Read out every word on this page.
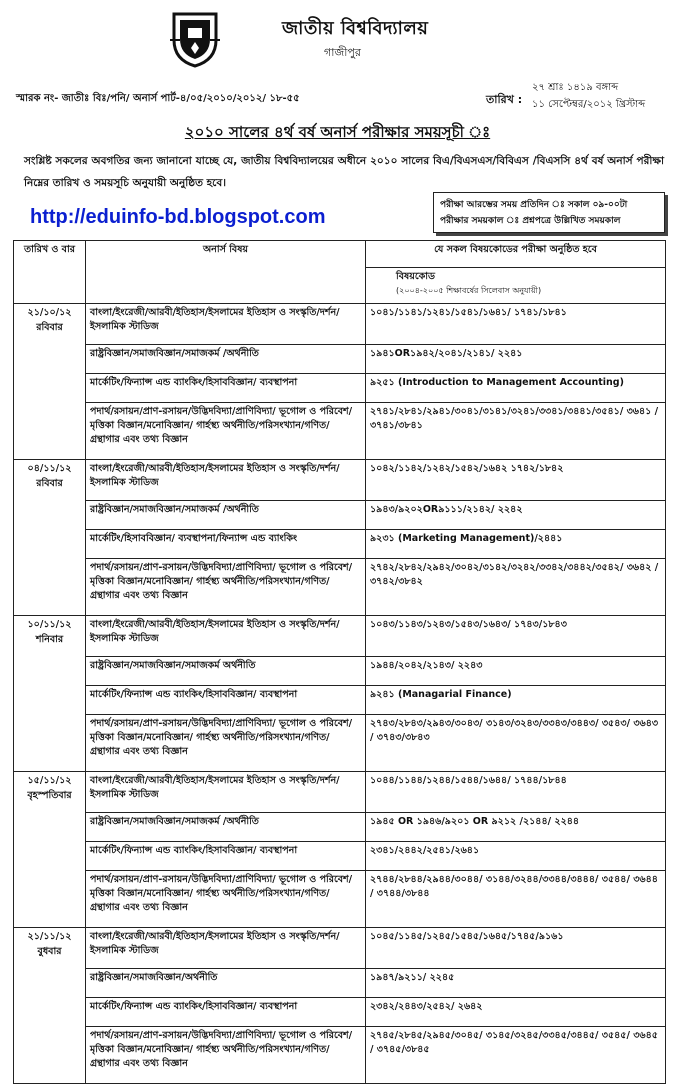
জাতীয় বিশ্ববিদ্যালয়
গাজীপুর
স্মারক নং- জাতীঃ বিঃ/পনি/ অনার্স পার্ট-৪/০৫/২০১০/২০১২/ ১৮-৫৫	তারিখ :
২৭ শ্রাঃ ১৪১৯ বঙ্গাব্দ
১১ সেপ্টেম্বর/২০১২ খ্রিস্টাব্দ
২০১০ সালের ৪র্থ বর্ষ অনার্স পরীক্ষার সময়সূচী ঃ
সংশ্লিষ্ট সকলের অবগতির জন্য জানানো যাচ্ছে যে, জাতীয় বিশ্ববিদ্যালয়ের অধীনে ২০১০ সালের বিএ/বিএসএস/বিবিএস /বিএসসি ৪র্থ বর্ষ অনার্স পরীক্ষা নিম্নের তারিখ ও সময়সূচি অনুযায়ী অনুষ্ঠিত হবে।
http://eduinfo-bd.blogspot.com
পরীক্ষা আরম্ভের সময় প্রতিদিন ঃ সকাল ০৯-০০টা
পরীক্ষার সময়কাল ঃ প্রশ্নপত্রে উল্লিখিত সময়কাল
তারিখ ও বার	অনার্স বিষয়	যে সকল বিষয়কোডের পরীক্ষা অনুষ্ঠিত হবে
		বিষয়কোড
(২০০৪-২০০৫ শিক্ষাবর্ষের সিলেবাস অনুযায়ী)

২১/১০/১২
রবিবার	বাংলা/ইংরেজী/আরবী/ইতিহাস/ইসলামের ইতিহাস ও সংস্কৃতি/দর্শন/ইসলামিক স্টাডিজ	১০৪১/১১৪১/১২৪১/১৫৪১/১৬৪১/ ১৭৪১/১৮৪১
	রাষ্ট্রবিজ্ঞান/সমাজবিজ্ঞান/সমাজকর্ম /অর্থনীতি	১৯৪১OR১৯৪২/২০৪১/২১৪১/ ২২৪১
	মার্কেটিং/ফিন্যান্স এন্ড ব্যাংকিং/হিসাববিজ্ঞান/ ব্যবস্থাপনা	৯২৫১ (Introduction to Management Accounting)
	পদার্থ/রসায়ন/প্রাণ-রসায়ন/উদ্ভিদবিদ্যা/প্রাণিবিদ্যা/ ভূগোল ও পরিবেশ/মৃত্তিকা বিজ্ঞান/মনোবিজ্ঞান/ গার্হস্থ্য অর্থনীতি/পরিসংখ্যান/গণিত/ গ্রন্থাগার এবং তথ্য বিজ্ঞান	২৭৪১/২৮৪১/২৯৪১/৩০৪১/৩১৪১/৩২৪১/৩৩৪১/৩৪৪১/৩৫৪১/ ৩৬৪১ / ৩৭৪১/৩৮৪১

০৪/১১/১২
রবিবার	বাংলা/ইংরেজী/আরবী/ইতিহাস/ইসলামের ইতিহাস ও সংস্কৃতি/দর্শন/ইসলামিক স্টাডিজ	১০৪২/১১৪২/১২৪২/১৫৪২/১৬৪২ ১৭৪২/১৮৪২
	রাষ্ট্রবিজ্ঞান/সমাজবিজ্ঞান/সমাজকর্ম /অর্থনীতি	১৯৪৩/৯২০২OR৯১১১/২১৪২/ ২২৪২
	মার্কেটিং/হিসাববিজ্ঞান/ ব্যবস্থাপনা/ফিন্যান্স এন্ড ব্যাংকিং	৯২৩১ (Marketing Management)/২৪৪১
	পদার্থ/রসায়ন/প্রাণ-রসায়ন/উদ্ভিদবিদ্যা/প্রাণিবিদ্যা/ ভূগোল ও পরিবেশ/মৃত্তিকা বিজ্ঞান/মনোবিজ্ঞান/ গার্হস্থ্য অর্থনীতি/পরিসংখ্যান/গণিত/ গ্রন্থাগার এবং তথ্য বিজ্ঞান	২৭৪২/২৮৪২/২৯৪২/৩০৪২/৩১৪২/৩২৪২/৩৩৪২/৩৪৪২/৩৫৪২/ ৩৬৪২ / ৩৭৪২/৩৮৪২

১০/১১/১২
শনিবার	বাংলা/ইংরেজী/আরবী/ইতিহাস/ইসলামের ইতিহাস ও সংস্কৃতি/দর্শন/ইসলামিক স্টাডিজ	১০৪৩/১১৪৩/১২৪৩/১৫৪৩/১৬৪৩/ ১৭৪৩/১৮৪৩
	রাষ্ট্রবিজ্ঞান/সমাজবিজ্ঞান/সমাজকর্ম অর্থনীতি	১৯৪৪/২০৪২/২১৪৩/ ২২৪৩
	মার্কেটিং/ফিন্যান্স এন্ড ব্যাংকিং/হিসাববিজ্ঞান/ ব্যবস্থাপনা	৯২৪১ (Managarial Finance)
	পদার্থ/রসায়ন/প্রাণ-রসায়ন/উদ্ভিদবিদ্যা/প্রাণিবিদ্যা/ ভূগোল ও পরিবেশ/মৃত্তিকা বিজ্ঞান/মনোবিজ্ঞান/ গার্হস্থ্য অর্থনীতি/পরিসংখ্যান/গণিত/ গ্রন্থাগার এবং তথ্য বিজ্ঞান	২৭৪৩/২৮৪৩/২৯৪৩/৩০৪৩/ ৩১৪৩/৩২৪৩/৩৩৪৩/৩৪৪৩/ ৩৫৪৩/ ৩৬৪৩ / ৩৭৪৩/৩৮৪৩

১৫/১১/১২
বৃহস্পতিবার	বাংলা/ইংরেজী/আরবী/ইতিহাস/ইসলামের ইতিহাস ও সংস্কৃতি/দর্শন/ইসলামিক স্টাডিজ	১০৪৪/১১৪৪/১২৪৪/১৫৪৪/১৬৪৪/ ১৭৪৪/১৮৪৪
	রাষ্ট্রবিজ্ঞান/সমাজবিজ্ঞান/সমাজকর্ম /অর্থনীতি	১৯৪৫ OR ১৯৪৬/৯২০১ OR ৯২১২ /২১৪৪/ ২২৪৪
	মার্কেটিং/ফিন্যান্স এন্ড ব্যাংকিং/হিসাববিজ্ঞান/ ব্যবস্থাপনা	২৩৪১/২৪৪২/২৫৪১/২৬৪১
	পদার্থ/রসায়ন/প্রাণ-রসায়ন/উদ্ভিদবিদ্যা/প্রাণিবিদ্যা/ ভূগোল ও পরিবেশ/মৃত্তিকা বিজ্ঞান/মনোবিজ্ঞান/ গার্হস্থ্য অর্থনীতি/পরিসংখ্যান/গণিত/ গ্রন্থাগার এবং তথ্য বিজ্ঞান	২৭৪৪/২৮৪৪/২৯৪৪/৩০৪৪/ ৩১৪৪/৩২৪৪/৩৩৪৪/৩৪৪৪/ ৩৫৪৪/ ৩৬৪৪ / ৩৭৪৪/৩৮৪৪

২১/১১/১২
বুধবার	বাংলা/ইংরেজী/আরবী/ইতিহাস/ইসলামের ইতিহাস ও সংস্কৃতি/দর্শন/ইসলামিক স্টাডিজ	১০৪৫/১১৪৫/১২৪৫/১৫৪৫/১৬৪৫/১৭৪৫/৯১৬১
	রাষ্ট্রবিজ্ঞান/সমাজবিজ্ঞান/অর্থনীতি	১৯৪৭/৯২১১/ ২২৪৫
	মার্কেটিং/ফিন্যান্স এন্ড ব্যাংকিং/হিসাববিজ্ঞান/ ব্যবস্থাপনা	২৩৪২/২৪৪৩/২৫৪২/ ২৬৪২
	পদার্থ/রসায়ন/প্রাণ-রসায়ন/উদ্ভিদবিদ্যা/প্রাণিবিদ্যা/ ভূগোল ও পরিবেশ/মৃত্তিকা বিজ্ঞান/মনোবিজ্ঞান/ গার্হস্থ্য অর্থনীতি/পরিসংখ্যান/গণিত/ গ্রন্থাগার এবং তথ্য বিজ্ঞান	২৭৪৫/২৮৪৫/২৯৪৫/৩০৪৫/ ৩১৪৫/৩২৪৫/৩৩৪৫/৩৪৪৫/ ৩৫৪৫/ ৩৬৪৫ / ৩৭৪৫/৩৮৪৫
